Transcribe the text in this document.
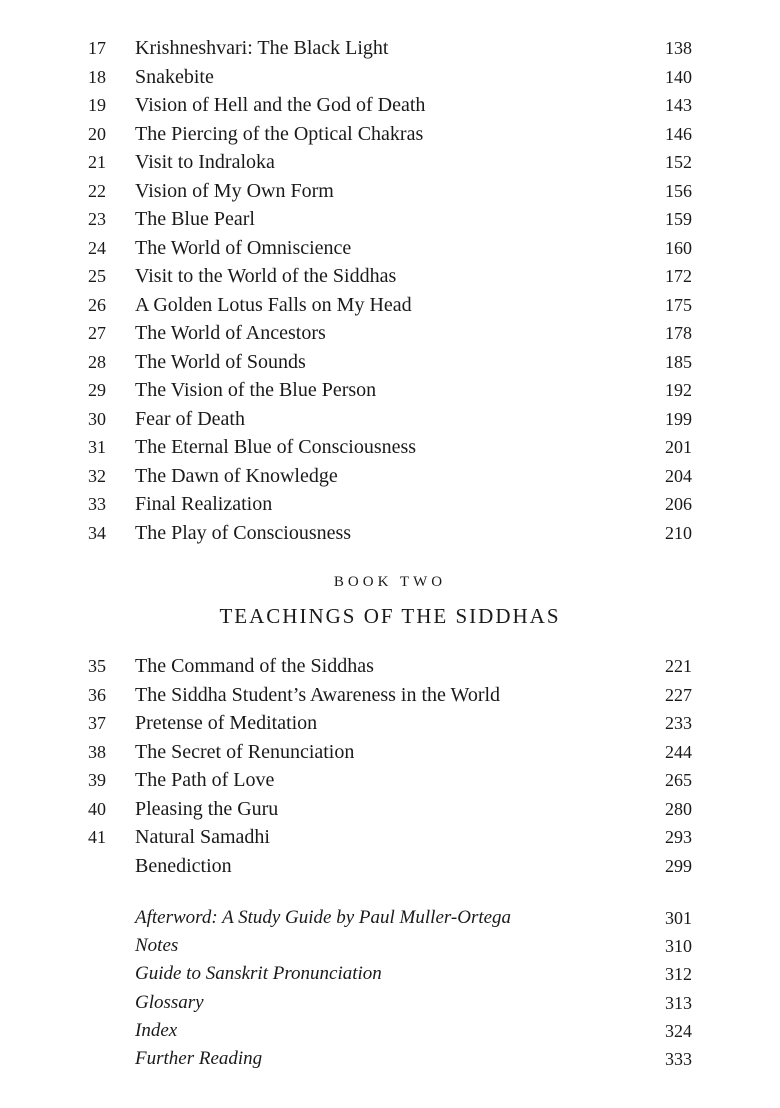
17	Krishneshvari: The Black Light	138
18	Snakebite	140
19	Vision of Hell and the God of Death	143
20	The Piercing of the Optical Chakras	146
21	Visit to Indraloka	152
22	Vision of My Own Form	156
23	The Blue Pearl	159
24	The World of Omniscience	160
25	Visit to the World of the Siddhas	172
26	A Golden Lotus Falls on My Head	175
27	The World of Ancestors	178
28	The World of Sounds	185
29	The Vision of the Blue Person	192
30	Fear of Death	199
31	The Eternal Blue of Consciousness	201
32	The Dawn of Knowledge	204
33	Final Realization	206
34	The Play of Consciousness	210
BOOK TWO
TEACHINGS OF THE SIDDHAS
35	The Command of the Siddhas	221
36	The Siddha Student’s Awareness in the World	227
37	Pretense of Meditation	233
38	The Secret of Renunciation	244
39	The Path of Love	265
40	Pleasing the Guru	280
41	Natural Samadhi	293
Benediction	299
Afterword: A Study Guide by Paul Muller-Ortega	301
Notes	310
Guide to Sanskrit Pronunciation	312
Glossary	313
Index	324
Further Reading	333
